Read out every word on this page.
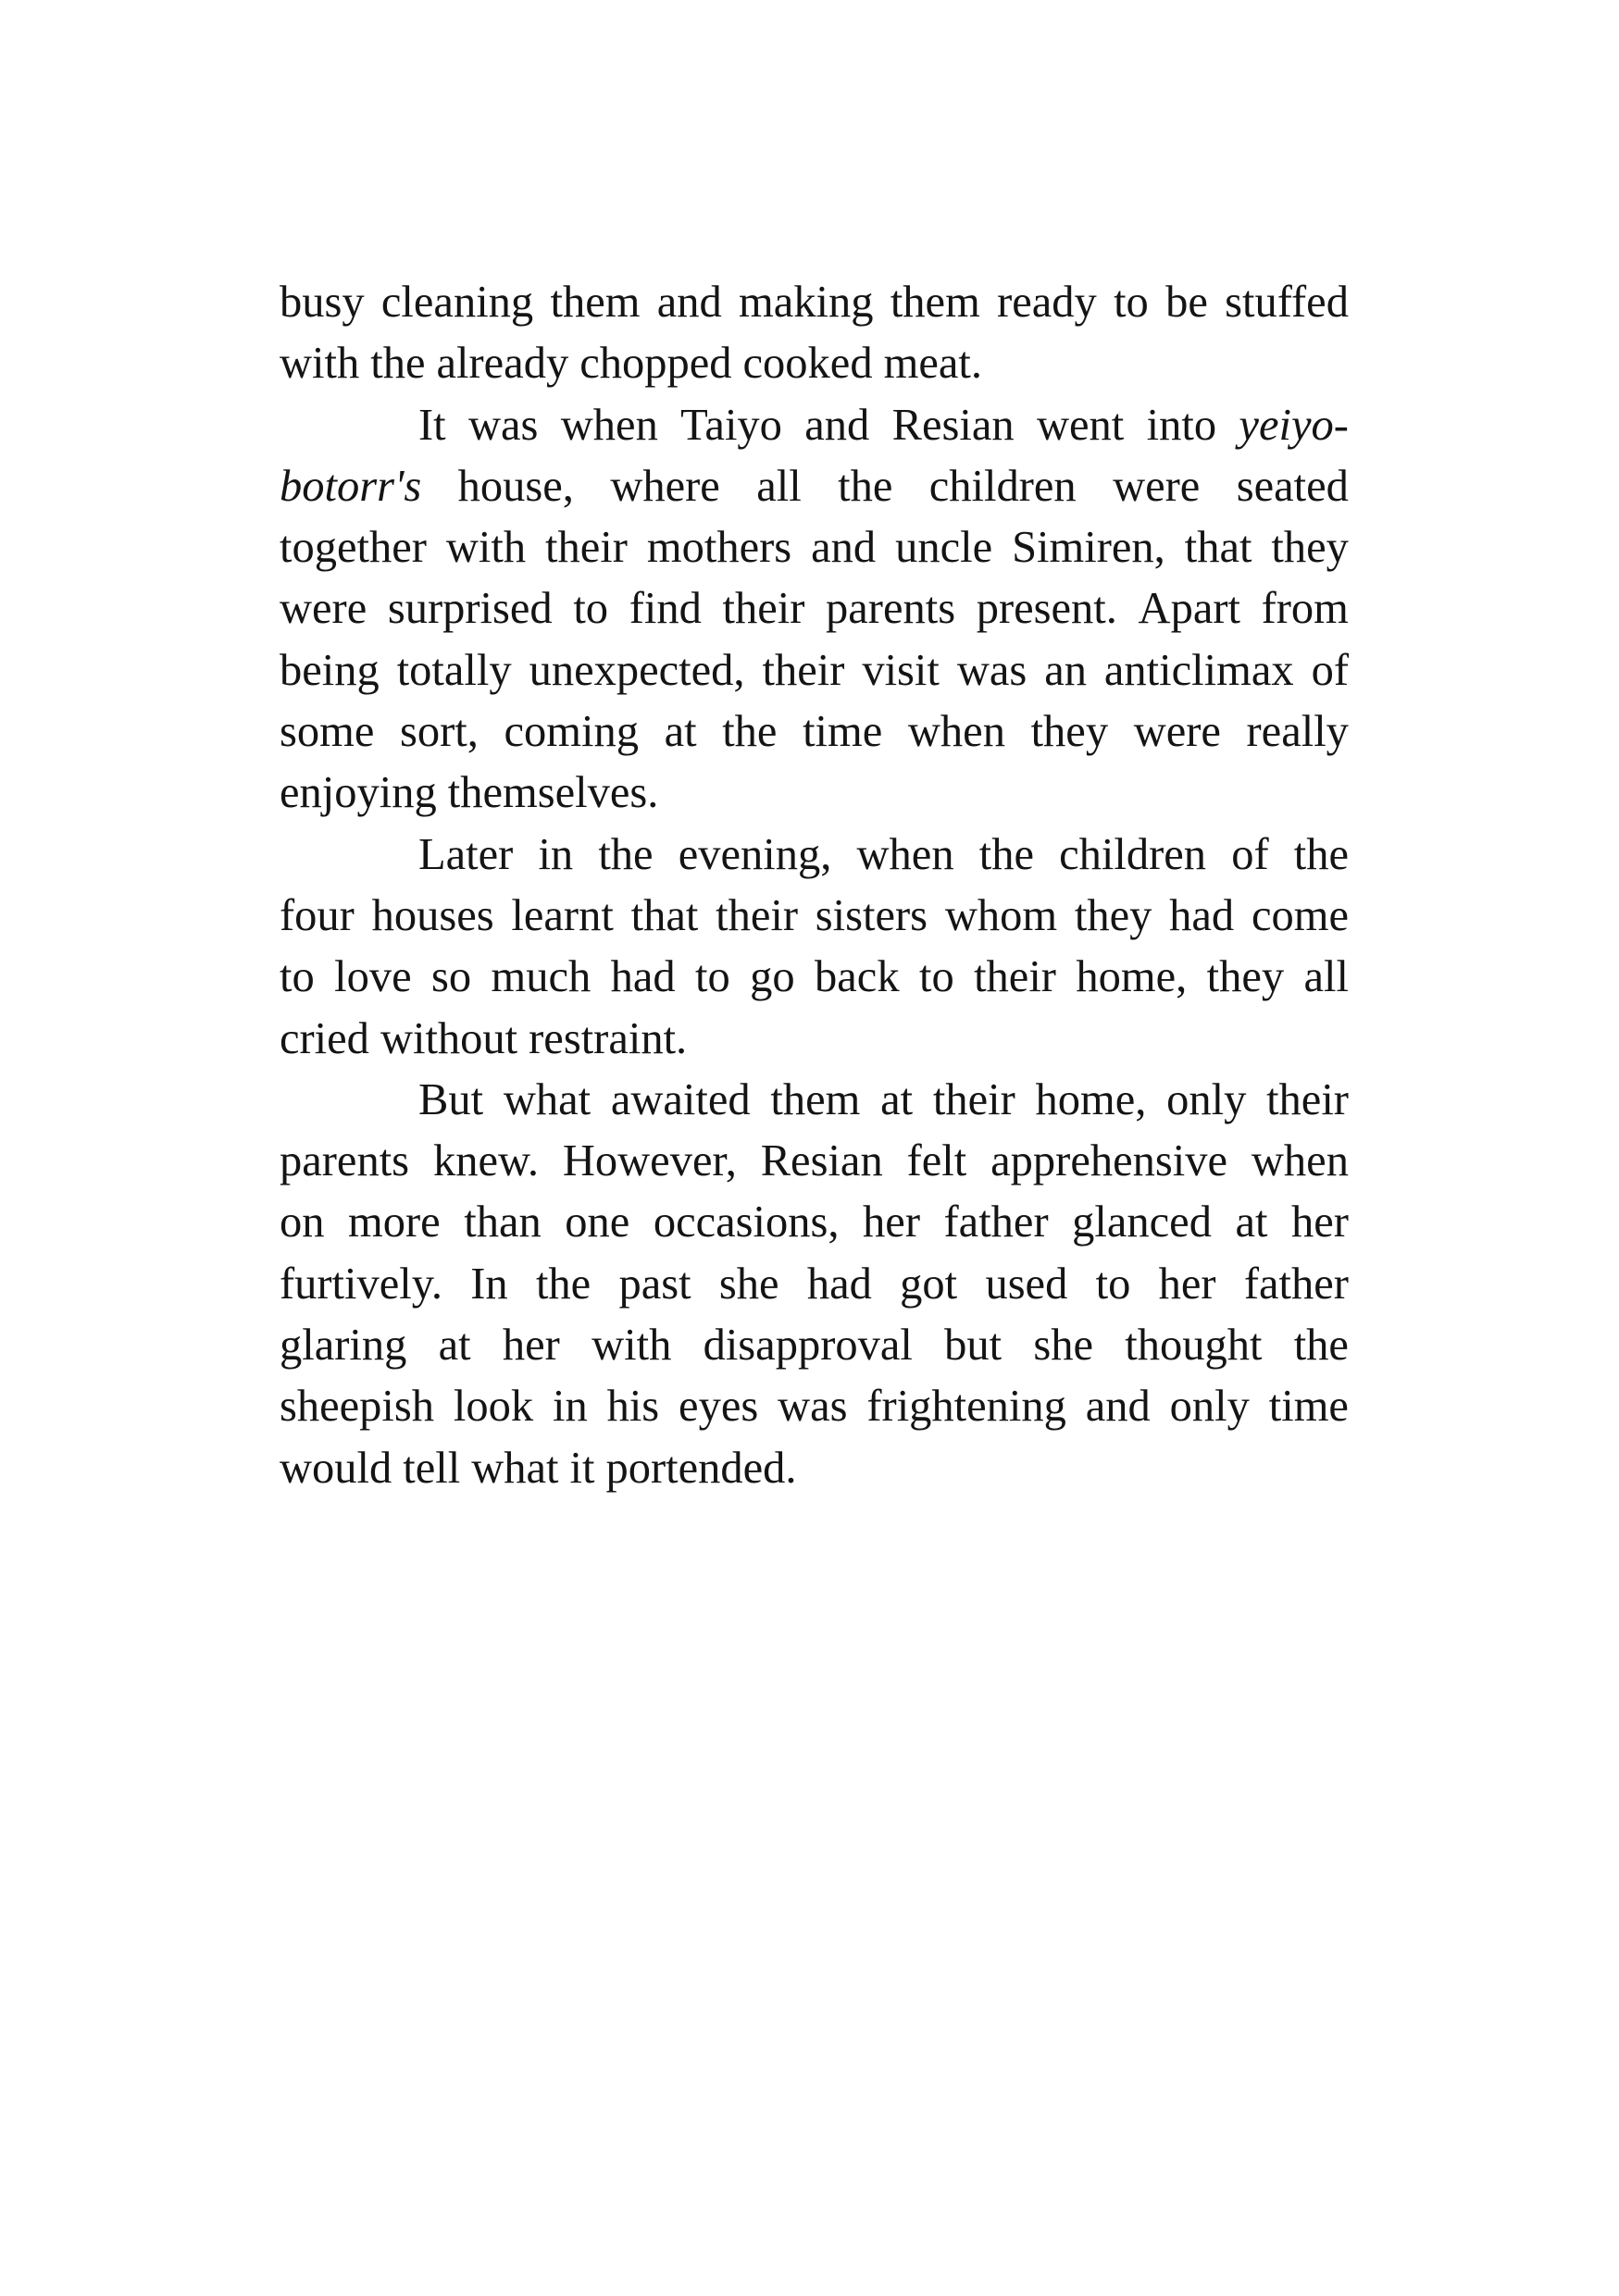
busy cleaning them and making them ready to be stuffed
with the already chopped cooked meat.
It was when Taiyo and Resian went into yeiyo-
botorr's house, where all the children were seated
together with their mothers and uncle Simiren, that they
were surprised to find their parents present. Apart from
being totally unexpected, their visit was an anticlimax of
some sort, coming at the time when they were really
enjoying themselves.
Later in the evening, when the children of the
four houses learnt that their sisters whom they had come
to love so much had to go back to their home, they all
cried without restraint.
But what awaited them at their home, only their
parents knew. However, Resian felt apprehensive when
on more than one occasions, her father glanced at her
furtively. In the past she had got used to her father
glaring at her with disapproval but she thought the
sheepish look in his eyes was frightening and only time
would tell what it portended.
